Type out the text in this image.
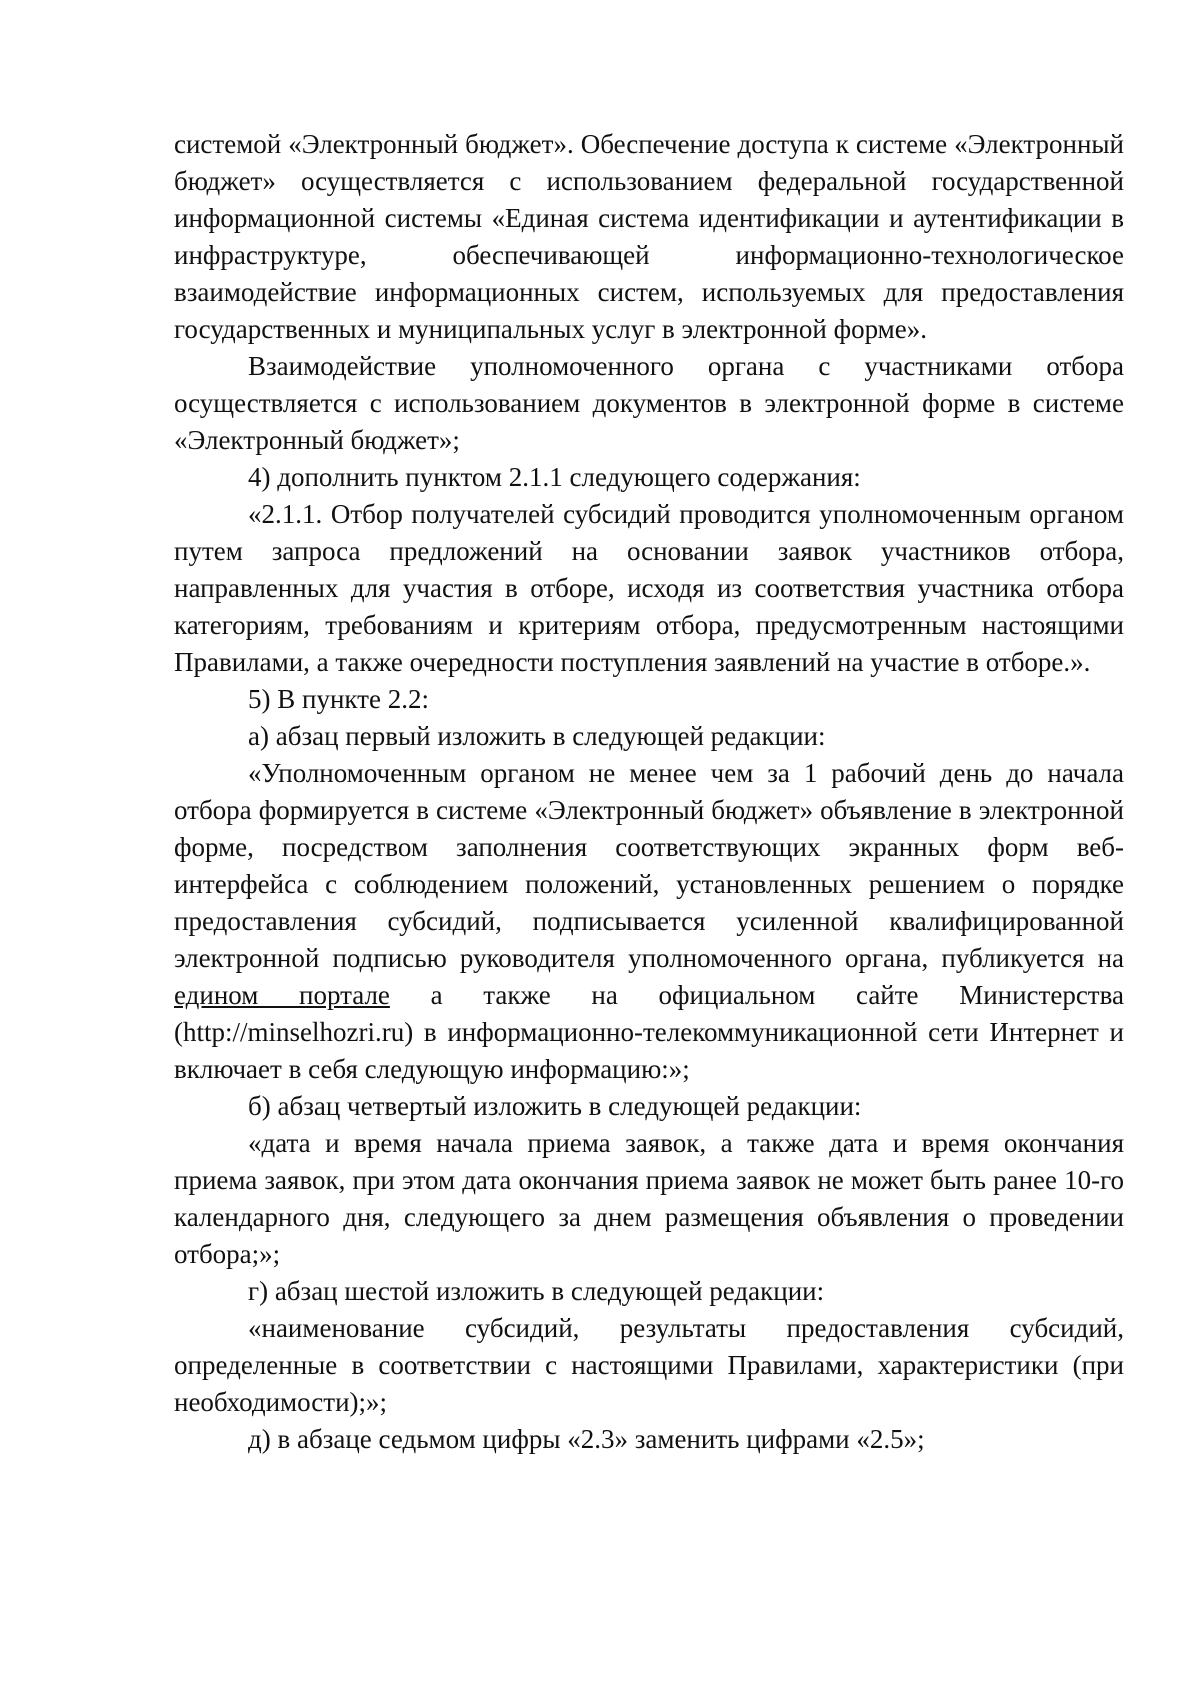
системой «Электронный бюджет». Обеспечение доступа к системе «Электронный бюджет» осуществляется с использованием федеральной государственной информационной системы «Единая система идентификации и аутентификации в инфраструктуре, обеспечивающей информационно-технологическое взаимодействие информационных систем, используемых для предоставления государственных и муниципальных услуг в электронной форме».

Взаимодействие уполномоченного органа с участниками отбора осуществляется с использованием документов в электронной форме в системе «Электронный бюджет»;

4) дополнить пунктом 2.1.1 следующего содержания:

«2.1.1. Отбор получателей субсидий проводится уполномоченным органом путем запроса предложений на основании заявок участников отбора, направленных для участия в отборе, исходя из соответствия участника отбора категориям, требованиям и критериям отбора, предусмотренным настоящими Правилами, а также очередности поступления заявлений на участие в отборе.».

5) В пункте 2.2:

а) абзац первый изложить в следующей редакции:

«Уполномоченным органом не менее чем за 1 рабочий день до начала отбора формируется в системе «Электронный бюджет» объявление в электронной форме, посредством заполнения соответствующих экранных форм веб-интерфейса с соблюдением положений, установленных решением о порядке предоставления субсидий, подписывается усиленной квалифицированной электронной подписью руководителя уполномоченного органа, публикуется на едином портале а также на официальном сайте Министерства (http://minselhozri.ru) в информационно-телекоммуникационной сети Интернет и включает в себя следующую информацию:»;

б) абзац четвертый изложить в следующей редакции:

«дата и время начала приема заявок, а также дата и время окончания приема заявок, при этом дата окончания приема заявок не может быть ранее 10-го календарного дня, следующего за днем размещения объявления о проведении отбора;»;

г) абзац шестой изложить в следующей редакции:

«наименование субсидий, результаты предоставления субсидий, определенные в соответствии с настоящими Правилами, характеристики (при необходимости);»;

д) в абзаце седьмом цифры «2.3» заменить цифрами «2.5»;
